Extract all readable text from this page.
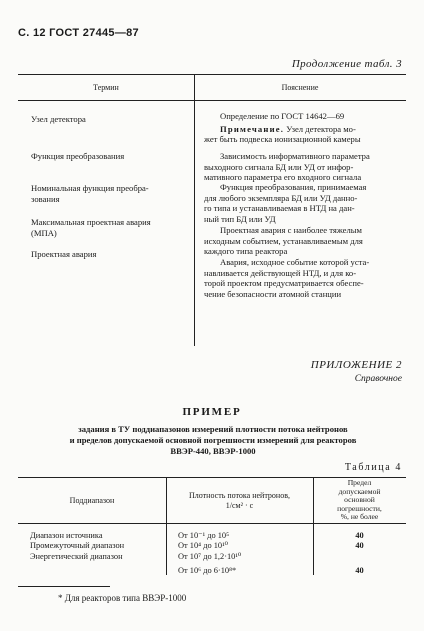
С. 12 ГОСТ 27445—87
Продолжение табл. 3
Термин	Пояснение
Узел детектора
Функция преобразования
Номинальная функция преобра-
зования
Максимальная проектная авария
(МПА)
Проектная авария
Определение по ГОСТ 14642—69
Примечание. Узел детектора мо-
жет быть подвеска ионизационной камеры
Зависимость информативного параметра
выходного сигнала БД или УД от инфор-
мативного параметра его входного сигнала
Функция преобразования, принимаемая
для любого экземпляра БД или УД данно-
го типа и устанавливаемая в НТД на дан-
ный тип БД или УД
Проектная авария с наиболее тяжелым
исходным событием, устанавливаемым для
каждого типа реактора
Авария, исходное событие которой уста-
навливается действующей НТД, и для ко-
торой проектом предусматривается обеспе-
чение безопасности атомной станции
ПРИЛОЖЕНИЕ 2
Справочное
ПРИМЕР
задания в ТУ поддиапазонов измерений плотности потока нейтронов
и пределов допускаемой основной погрешности измерений для реакторов
ВВЭР-440, ВВЭР-1000
Таблица 4
Поддиапазон
Плотность потока нейтронов,
1/см² · с
Предел
допускаемой
основной
погрешности,
%, не более
Диапазон источника
Промежуточный диапазон
Энергетический диапазон
От 10⁻¹ до 10⁵
От 10⁴ до 10¹⁰
От 10⁷ до 1,2·10¹⁰
От 10⁶ до 6·10⁸*
40
40
40
* Для реакторов типа ВВЭР-1000
